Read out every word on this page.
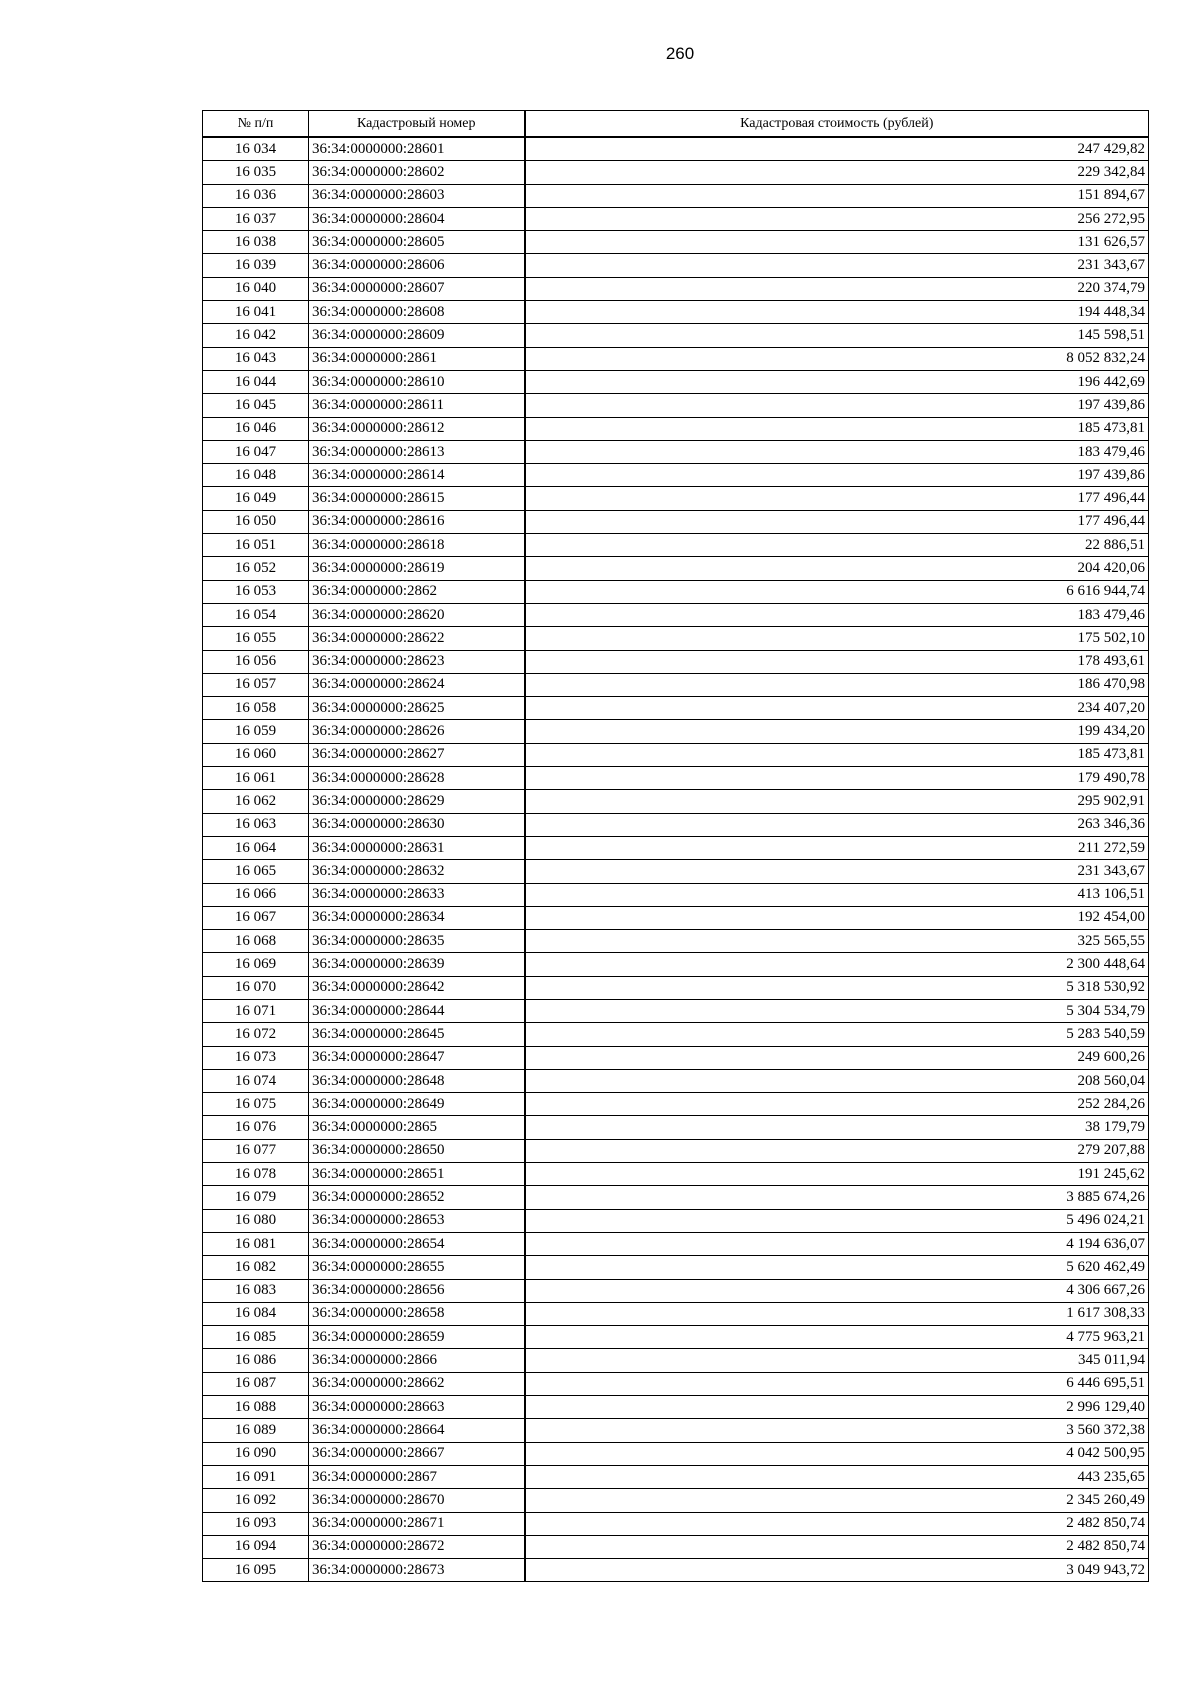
260
№ п/п	Кадастровый номер	Кадастровая стоимость (рублей)
16 034	36:34:0000000:28601	247 429,82
16 035	36:34:0000000:28602	229 342,84
16 036	36:34:0000000:28603	151 894,67
16 037	36:34:0000000:28604	256 272,95
16 038	36:34:0000000:28605	131 626,57
16 039	36:34:0000000:28606	231 343,67
16 040	36:34:0000000:28607	220 374,79
16 041	36:34:0000000:28608	194 448,34
16 042	36:34:0000000:28609	145 598,51
16 043	36:34:0000000:2861	8 052 832,24
16 044	36:34:0000000:28610	196 442,69
16 045	36:34:0000000:28611	197 439,86
16 046	36:34:0000000:28612	185 473,81
16 047	36:34:0000000:28613	183 479,46
16 048	36:34:0000000:28614	197 439,86
16 049	36:34:0000000:28615	177 496,44
16 050	36:34:0000000:28616	177 496,44
16 051	36:34:0000000:28618	22 886,51
16 052	36:34:0000000:28619	204 420,06
16 053	36:34:0000000:2862	6 616 944,74
16 054	36:34:0000000:28620	183 479,46
16 055	36:34:0000000:28622	175 502,10
16 056	36:34:0000000:28623	178 493,61
16 057	36:34:0000000:28624	186 470,98
16 058	36:34:0000000:28625	234 407,20
16 059	36:34:0000000:28626	199 434,20
16 060	36:34:0000000:28627	185 473,81
16 061	36:34:0000000:28628	179 490,78
16 062	36:34:0000000:28629	295 902,91
16 063	36:34:0000000:28630	263 346,36
16 064	36:34:0000000:28631	211 272,59
16 065	36:34:0000000:28632	231 343,67
16 066	36:34:0000000:28633	413 106,51
16 067	36:34:0000000:28634	192 454,00
16 068	36:34:0000000:28635	325 565,55
16 069	36:34:0000000:28639	2 300 448,64
16 070	36:34:0000000:28642	5 318 530,92
16 071	36:34:0000000:28644	5 304 534,79
16 072	36:34:0000000:28645	5 283 540,59
16 073	36:34:0000000:28647	249 600,26
16 074	36:34:0000000:28648	208 560,04
16 075	36:34:0000000:28649	252 284,26
16 076	36:34:0000000:2865	38 179,79
16 077	36:34:0000000:28650	279 207,88
16 078	36:34:0000000:28651	191 245,62
16 079	36:34:0000000:28652	3 885 674,26
16 080	36:34:0000000:28653	5 496 024,21
16 081	36:34:0000000:28654	4 194 636,07
16 082	36:34:0000000:28655	5 620 462,49
16 083	36:34:0000000:28656	4 306 667,26
16 084	36:34:0000000:28658	1 617 308,33
16 085	36:34:0000000:28659	4 775 963,21
16 086	36:34:0000000:2866	345 011,94
16 087	36:34:0000000:28662	6 446 695,51
16 088	36:34:0000000:28663	2 996 129,40
16 089	36:34:0000000:28664	3 560 372,38
16 090	36:34:0000000:28667	4 042 500,95
16 091	36:34:0000000:2867	443 235,65
16 092	36:34:0000000:28670	2 345 260,49
16 093	36:34:0000000:28671	2 482 850,74
16 094	36:34:0000000:28672	2 482 850,74
16 095	36:34:0000000:28673	3 049 943,72
